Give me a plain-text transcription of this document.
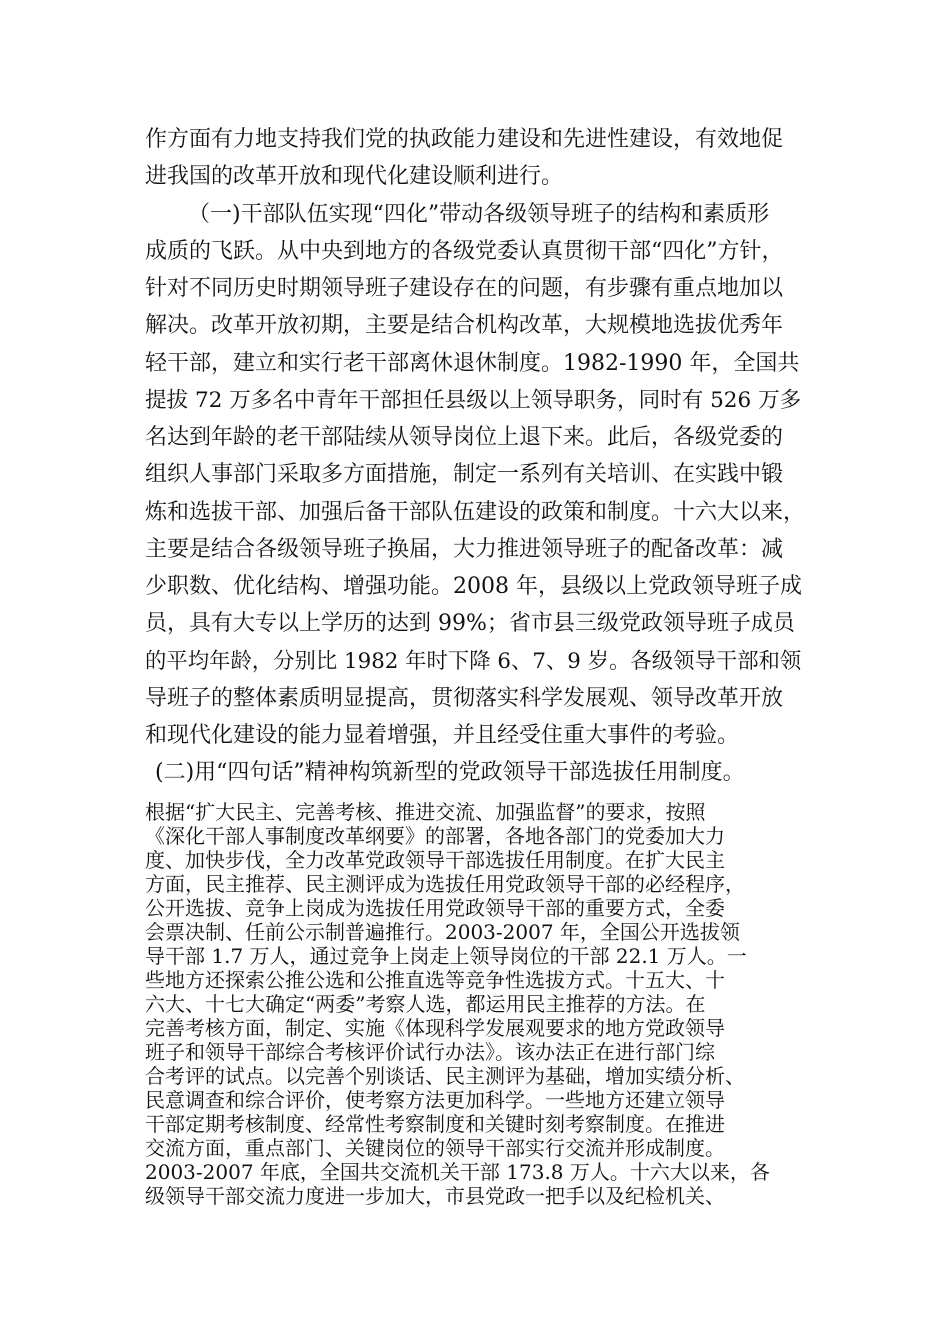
作方面有力地支持我们党的执政能力建设和先进性建设，有效地促
进我国的改革开放和现代化建设顺利进行。
（一)干部队伍实现“四化”带动各级领导班子的结构和素质形
成质的飞跃。从中央到地方的各级党委认真贯彻干部“四化”方针，
针对不同历史时期领导班子建设存在的问题，有步骤有重点地加以
解决。改革开放初期，主要是结合机构改革，大规模地选拔优秀年
轻干部，建立和实行老干部离休退休制度。1982-1990 年，全国共
提拔 72 万多名中青年干部担任县级以上领导职务，同时有 526 万多
名达到年龄的老干部陆续从领导岗位上退下来。此后，各级党委的
组织人事部门采取多方面措施，制定一系列有关培训、在实践中锻
炼和选拔干部、加强后备干部队伍建设的政策和制度。十六大以来，
主要是结合各级领导班子换届，大力推进领导班子的配备改革：减
少职数、优化结构、增强功能。2008 年，县级以上党政领导班子成
员，具有大专以上学历的达到 99%；省市县三级党政领导班子成员
的平均年龄，分别比 1982 年时下降 6、7、9 岁。各级领导干部和领
导班子的整体素质明显提高，贯彻落实科学发展观、领导改革开放
和现代化建设的能力显着增强，并且经受住重大事件的考验。
(二)用“四句话”精神构筑新型的党政领导干部选拔任用制度。
根据“扩大民主、完善考核、推进交流、加强监督”的要求，按照
《深化干部人事制度改革纲要》的部署，各地各部门的党委加大力
度、加快步伐，全力改革党政领导干部选拔任用制度。在扩大民主
方面，民主推荐、民主测评成为选拔任用党政领导干部的必经程序，
公开选拔、竞争上岗成为选拔任用党政领导干部的重要方式，全委
会票决制、任前公示制普遍推行。2003-2007 年，全国公开选拔领
导干部 1.7 万人，通过竞争上岗走上领导岗位的干部 22.1 万人。一
些地方还探索公推公选和公推直选等竞争性选拔方式。十五大、十
六大、十七大确定“两委”考察人选，都运用民主推荐的方法。在
完善考核方面，制定、实施《体现科学发展观要求的地方党政领导
班子和领导干部综合考核评价试行办法》。该办法正在进行部门综
合考评的试点。以完善个别谈话、民主测评为基础，增加实绩分析、
民意调查和综合评价，使考察方法更加科学。一些地方还建立领导
干部定期考核制度、经常性考察制度和关键时刻考察制度。在推进
交流方面，重点部门、关键岗位的领导干部实行交流并形成制度。
2003-2007 年底，全国共交流机关干部 173.8 万人。十六大以来，各
级领导干部交流力度进一步加大，市县党政一把手以及纪检机关、
